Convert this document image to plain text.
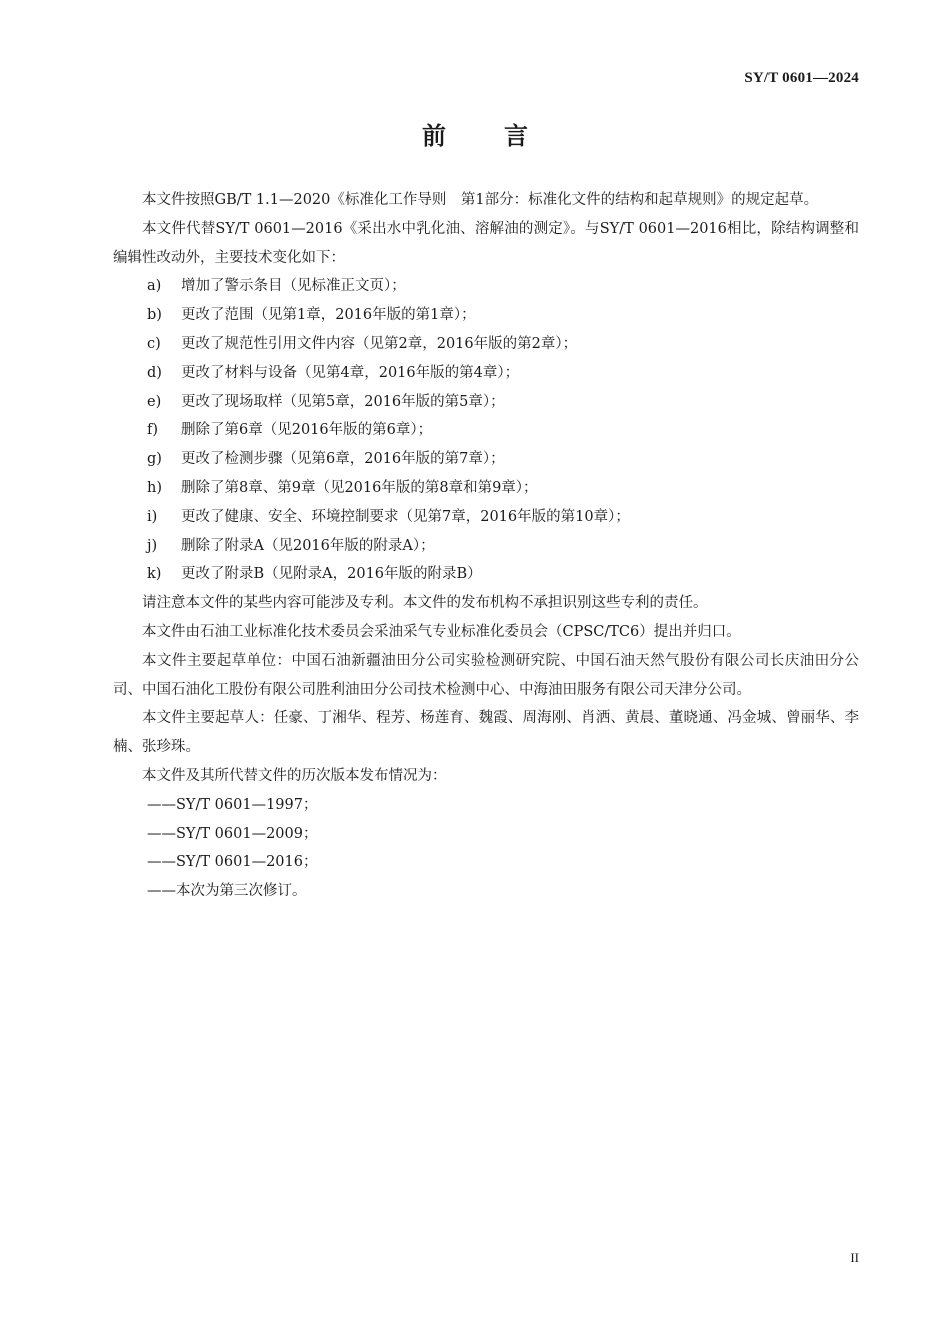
SY/T 0601—2024
前言

本文件按照GB/T 1.1—2020《标准化工作导则　第1部分：标准化文件的结构和起草规则》的规定起草。

本文件代替SY/T 0601—2016《采出水中乳化油、溶解油的测定》。与SY/T 0601—2016相比，除结构调整和编辑性改动外，主要技术变化如下：

a) 增加了警示条目（见标准正文页）；

b) 更改了范围（见第1章，2016年版的第1章）；

c) 更改了规范性引用文件内容（见第2章，2016年版的第2章）；

d) 更改了材料与设备（见第4章，2016年版的第4章）；

e) 更改了现场取样（见第5章，2016年版的第5章）；

f) 删除了第6章（见2016年版的第6章）；

g) 更改了检测步骤（见第6章，2016年版的第7章）；

h) 删除了第8章、第9章（见2016年版的第8章和第9章）；

i) 更改了健康、安全、环境控制要求（见第7章，2016年版的第10章）；

j) 删除了附录A（见2016年版的附录A）；

k) 更改了附录B（见附录A，2016年版的附录B）

请注意本文件的某些内容可能涉及专利。本文件的发布机构不承担识别这些专利的责任。

本文件由石油工业标准化技术委员会采油采气专业标准化委员会（CPSC/TC6）提出并归口。

本文件主要起草单位：中国石油新疆油田分公司实验检测研究院、中国石油天然气股份有限公司长庆油田分公司、中国石油化工股份有限公司胜利油田分公司技术检测中心、中海油田服务有限公司天津分公司。

本文件主要起草人：任豪、丁湘华、程芳、杨莲育、魏霞、周海刚、肖洒、黄晨、董晓通、冯金城、曾丽华、李楠、张珍珠。

本文件及其所代替文件的历次版本发布情况为：

——SY/T 0601—1997；

——SY/T 0601—2009；

——SY/T 0601—2016；

——本次为第三次修订。

II
